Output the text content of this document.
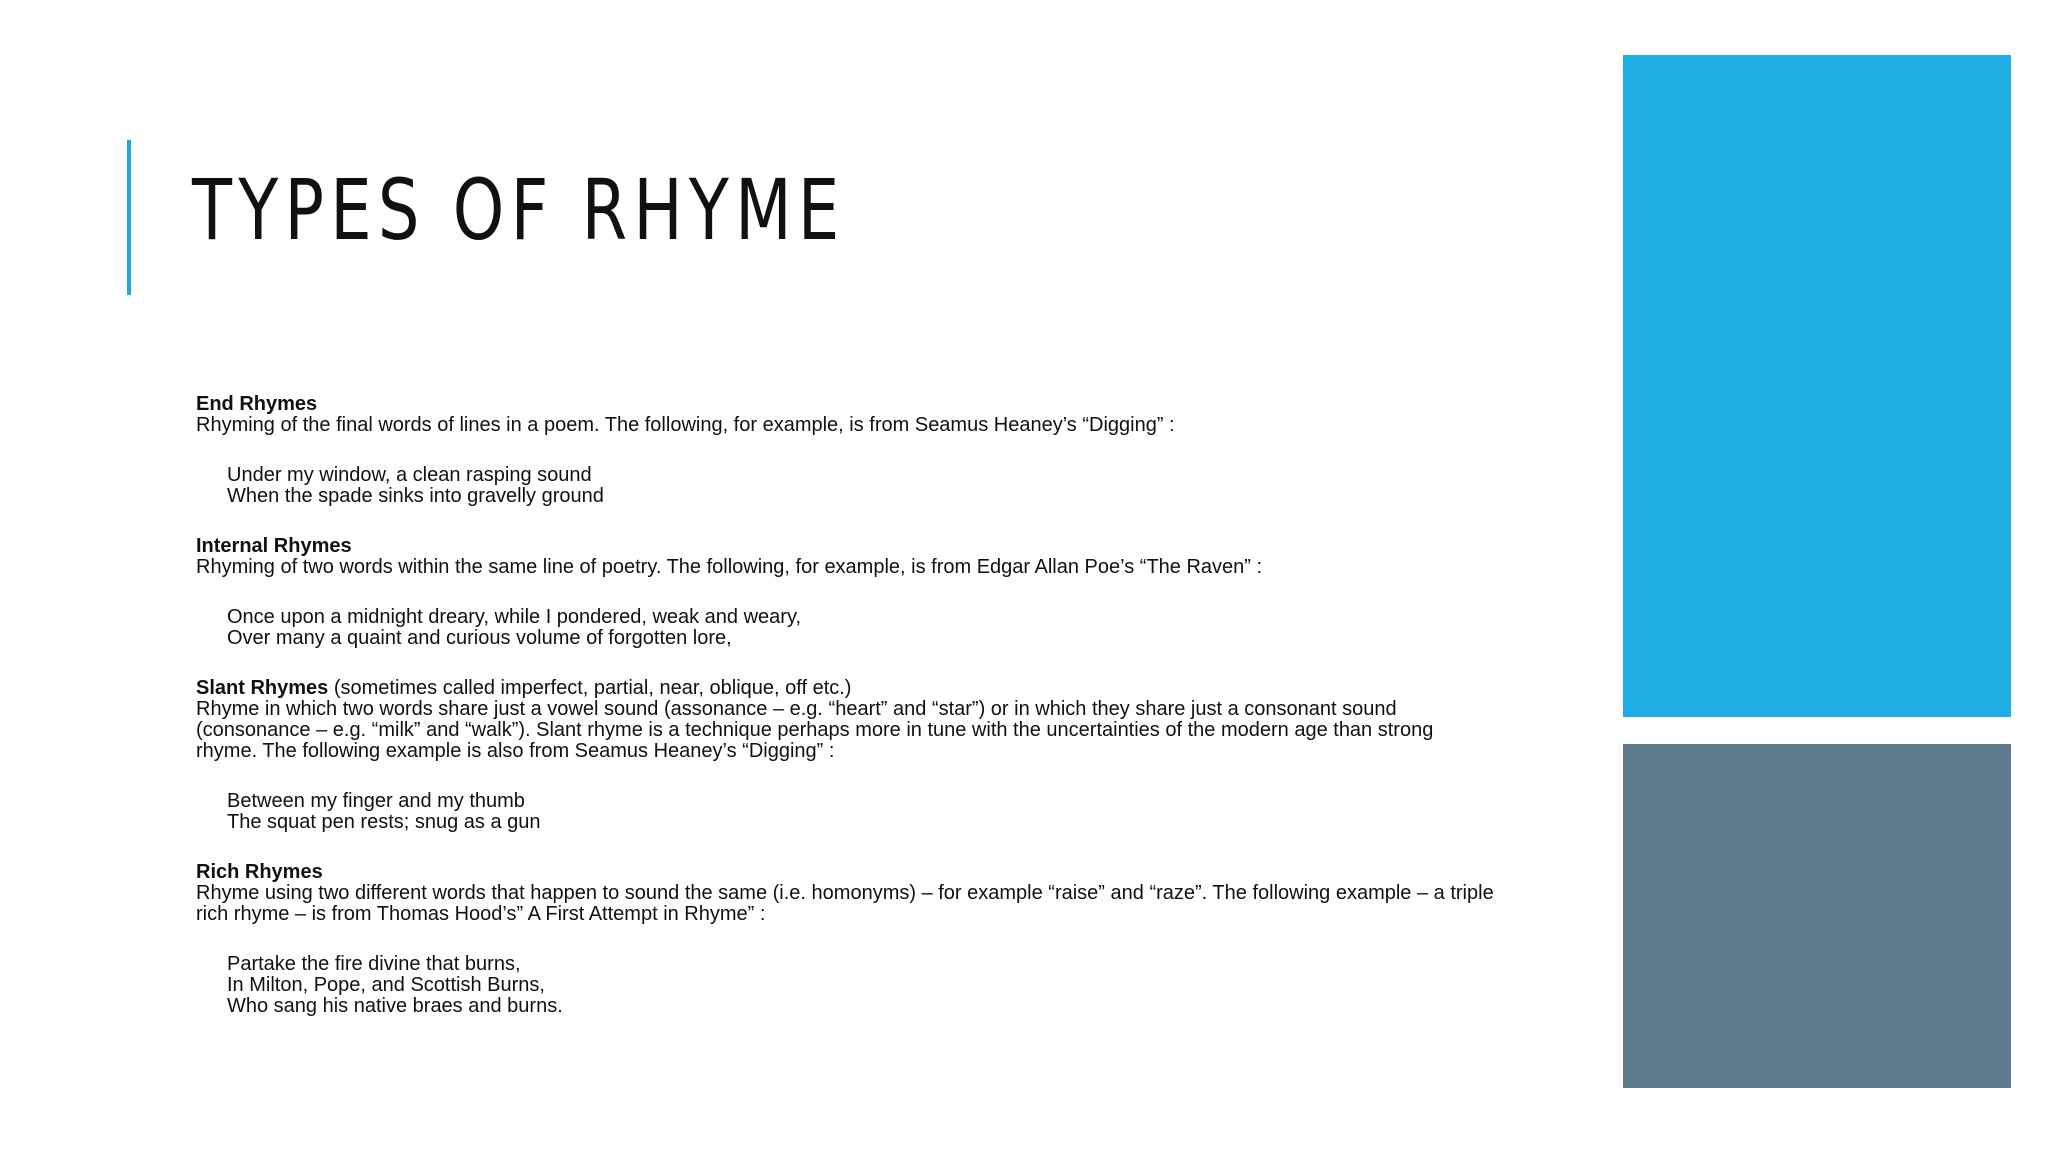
TYPES OF RHYME
End Rhymes

Rhyming of the final words of lines in a poem. The following, for example, is from Seamus Heaney’s “Digging” :

Under my window, a clean rasping sound
When the spade sinks into gravelly ground
Internal Rhymes

Rhyming of two words within the same line of poetry. The following, for example, is from Edgar Allan Poe’s “The Raven” :

Once upon a midnight dreary, while I pondered, weak and weary,
Over many a quaint and curious volume of forgotten lore,
Slant Rhymes (sometimes called imperfect, partial, near, oblique, off etc.)

Rhyme in which two words share just a vowel sound (assonance – e.g. “heart” and “star”) or in which they share just a consonant sound (consonance – e.g. “milk” and “walk”). Slant rhyme is a technique perhaps more in tune with the uncertainties of the modern age than strong rhyme. The following example is also from Seamus Heaney’s “Digging” :

Between my finger and my thumb
The squat pen rests; snug as a gun
Rich Rhymes

Rhyme using two different words that happen to sound the same (i.e. homonyms) – for example “raise” and “raze”. The following example – a triple rich rhyme – is from Thomas Hood’s” A First Attempt in Rhyme” :

Partake the fire divine that burns,
In Milton, Pope, and Scottish Burns,
Who sang his native braes and burns.
